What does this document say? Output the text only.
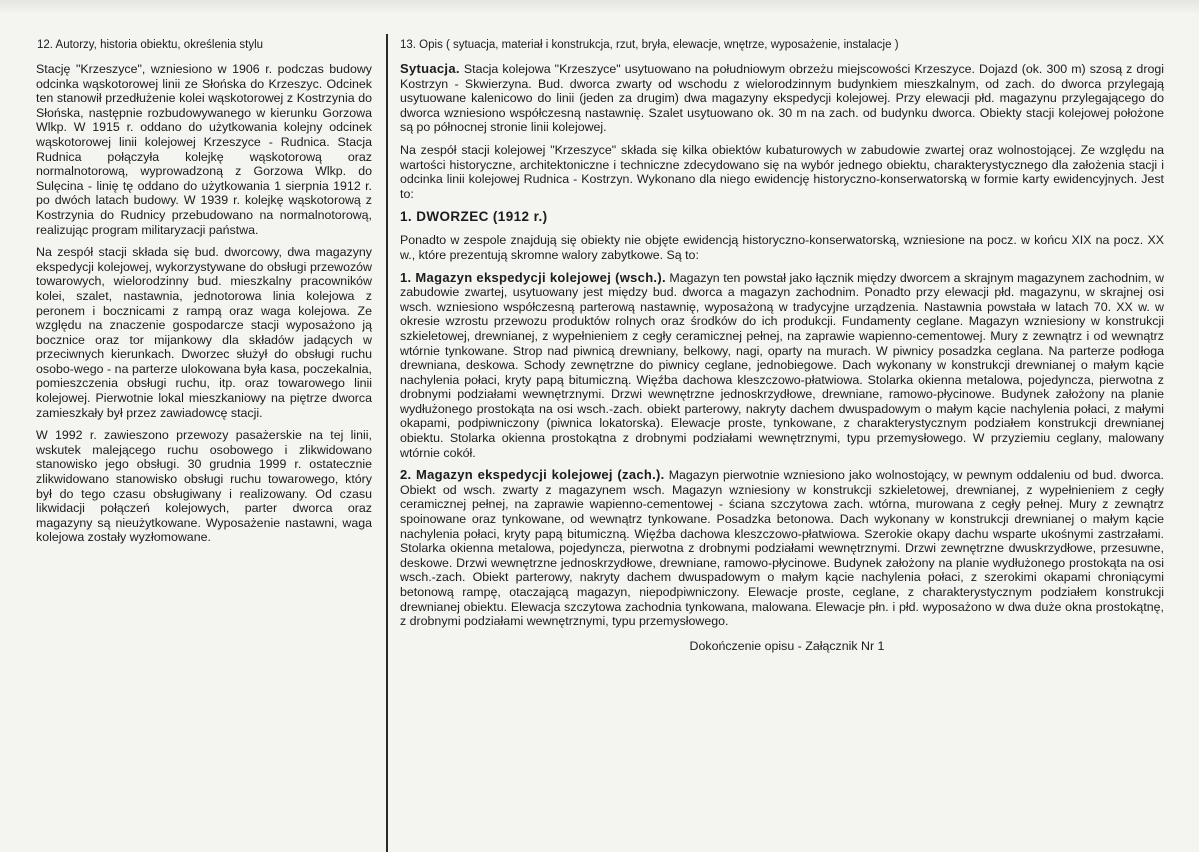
12. Autorzy, historia obiektu, określenia stylu

Stację "Krzeszyce", wzniesiono w 1906 r. podczas budowy odcinka wąskotorowej linii ze Słońska do Krzeszyc. Odcinek ten stanowił przedłużenie kolei wąskotorowej z Kostrzynia do Słońska, następnie rozbudowywanego w kierunku Gorzowa Wlkp. W 1915 r. oddano do użytkowania kolejny odcinek wąskotorowej linii kolejowej Krzeszyce - Rudnica. Stacja Rudnica połączyła kolejkę wąskotorową oraz normalnotorową, wyprowadzoną z Gorzowa Wlkp. do Sulęcina - linię tę oddano do użytkowania 1 sierpnia 1912 r. po dwóch latach budowy. W 1939 r. kolejkę wąskotorową z Kostrzynia do Rudnicy przebudowano na normalnotorową, realizując program militaryzacji państwa.

Na zespół stacji składa się bud. dworcowy, dwa magazyny ekspedycji kolejowej, wykorzystywane do obsługi przewozów towarowych, wielorodzinny bud. mieszkalny pracowników kolei, szalet, nastawnia, jednotorowa linia kolejowa z peronem i bocznicami z rampą oraz waga kolejowa. Ze względu na znaczenie gospodarcze stacji wyposażono ją bocznice oraz tor mijankowy dla składów jadących w przeciwnych kierunkach. Dworzec służył do obsługi ruchu osobo-wego - na parterze ulokowana była kasa, poczekalnia, pomieszczenia obsługi ruchu, itp. oraz towarowego linii kolejowej. Pierwotnie lokal mieszkaniowy na piętrze dworca zamieszkały był przez zawiadowcę stacji.

W 1992 r. zawieszono przewozy pasażerskie na tej linii, wskutek malejącego ruchu osobowego i zlikwidowano stanowisko jego obsługi. 30 grudnia 1999 r. ostatecznie zlikwidowano stanowisko obsługi ruchu towarowego, który był do tego czasu obsługiwany i realizowany. Od czasu likwidacji połączeń kolejowych, parter dworca oraz magazyny są nieużytkowane. Wyposażenie nastawni, waga kolejowa zostały wyzłomowane.

13. Opis ( sytuacja, materiał i konstrukcja, rzut, bryła, elewacje, wnętrze, wyposażenie, instalacje )

Sytuacja. Stacja kolejowa "Krzeszyce" usytuowano na południowym obrzeżu miejscowości Krzeszyce. Dojazd (ok. 300 m) szosą z drogi Kostrzyn - Skwierzyna. Bud. dworca zwarty od wschodu z wielorodzinnym budynkiem mieszkalnym, od zach. do dworca przylegają usytuowane kalenicowo do linii (jeden za drugim) dwa magazyny ekspedycji kolejowej. Przy elewacji płd. magazynu przylegającego do dworca wzniesiono współczesną nastawnię. Szalet usytuowano ok. 30 m na zach. od budynku dworca. Obiekty stacji kolejowej położone są po północnej stronie linii kolejowej.

Na zespół stacji kolejowej "Krzeszyce" składa się kilka obiektów kubaturowych w zabudowie zwartej oraz wolnostojącej. Ze względu na wartości historyczne, architektoniczne i techniczne zdecydowano się na wybór jednego obiektu, charakterystycznego dla założenia stacji i odcinka linii kolejowej Rudnica - Kostrzyn. Wykonano dla niego ewidencję historyczno-konserwatorską w formie karty ewidencyjnych. Jest to:

1. DWORZEC (1912 r.)

Ponadto w zespole znajdują się obiekty nie objęte ewidencją historyczno-konserwatorską, wzniesione na pocz. w końcu XIX na pocz. XX w., które prezentują skromne walory zabytkowe. Są to:

1. Magazyn ekspedycji kolejowej (wsch.). Magazyn ten powstał jako łącznik między dworcem a skrajnym magazynem zachodnim, w zabudowie zwartej, usytuowany jest między bud. dworca a magazyn zachodnim. Ponadto przy elewacji płd. magazynu, w skrajnej osi wsch. wzniesiono współczesną parterową nastawnię, wyposażoną w tradycyjne urządzenia. Nastawnia powstała w latach 70. XX w. w okresie wzrostu przewozu produktów rolnych oraz środków do ich produkcji. Fundamenty ceglane. Magazyn wzniesiony w konstrukcji szkieletowej, drewnianej, z wypełnieniem z cegły ceramicznej pełnej, na zaprawie wapienno-cementowej. Mury z zewnątrz i od wewnątrz wtórnie tynkowane. Strop nad piwnicą drewniany, belkowy, nagi, oparty na murach. W piwnicy posadzka ceglana. Na parterze podłoga drewniana, deskowa. Schody zewnętrzne do piwnicy ceglane, jednobiegowe. Dach wykonany w konstrukcji drewnianej o małym kącie nachylenia połaci, kryty papą bitumiczną. Więźba dachowa kleszczowo-płatwiowa. Stolarka okienna metalowa, pojedyncza, pierwotna z drobnymi podziałami wewnętrznymi. Drzwi wewnętrzne jednoskrzydłowe, drewniane, ramowo-płycinowe. Budynek założony na planie wydłużonego prostokąta na osi wsch.-zach. obiekt parterowy, nakryty dachem dwuspadowym o małym kącie nachylenia połaci, z małymi okapami, podpiwniczony (piwnica lokatorska). Elewacje proste, tynkowane, z charakterystycznym podziałem konstrukcji drewnianej obiektu. Stolarka okienna prostokątna z drobnymi podziałami wewnętrznymi, typu przemysłowego. W przyziemiu ceglany, malowany wtórnie cokół.

2. Magazyn ekspedycji kolejowej (zach.). Magazyn pierwotnie wzniesiono jako wolnostojący, w pewnym oddaleniu od bud. dworca. Obiekt od wsch. zwarty z magazynem wsch. Magazyn wzniesiony w konstrukcji szkieletowej, drewnianej, z wypełnieniem z cegły ceramicznej pełnej, na zaprawie wapienno-cementowej - ściana szczytowa zach. wtórna, murowana z cegły pełnej. Mury z zewnątrz spoinowane oraz tynkowane, od wewnątrz tynkowane. Posadzka betonowa. Dach wykonany w konstrukcji drewnianej o małym kącie nachylenia połaci, kryty papą bitumiczną. Więźba dachowa kleszczowo-płatwiowa. Szerokie okapy dachu wsparte ukośnymi zastrzałami. Stolarka okienna metalowa, pojedyncza, pierwotna z drobnymi podziałami wewnętrznymi. Drzwi zewnętrzne dwuskrzydłowe, przesuwne, deskowe. Drzwi wewnętrzne jednoskrzydłowe, drewniane, ramowo-płycinowe. Budynek założony na planie wydłużonego prostokąta na osi wsch.-zach. Obiekt parterowy, nakryty dachem dwuspadowym o małym kącie nachylenia połaci, z szerokimi okapami chroniącymi betonową rampę, otaczającą magazyn, niepodpiwniczony. Elewacje proste, ceglane, z charakterystycznym podziałem konstrukcji drewnianej obiektu. Elewacja szczytowa zachodnia tynkowana, malowana. Elewacje płn. i płd. wyposażono w dwa duże okna prostokątnę, z drobnymi podziałami wewnętrznymi, typu przemysłowego.

Dokończenie opisu - Załącznik Nr 1
